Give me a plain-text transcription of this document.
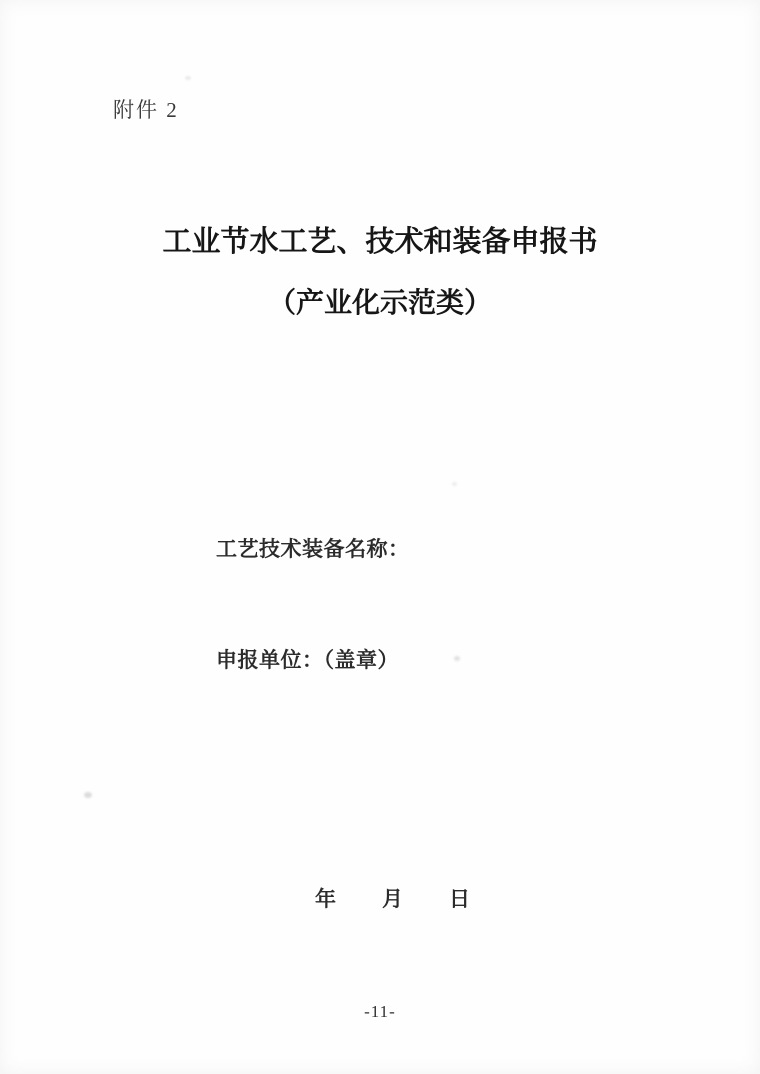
附件 2
工业节水工艺、技术和装备申报书
（产业化示范类）
工艺技术装备名称：
申报单位：（盖章）
年 月 日
-11-
